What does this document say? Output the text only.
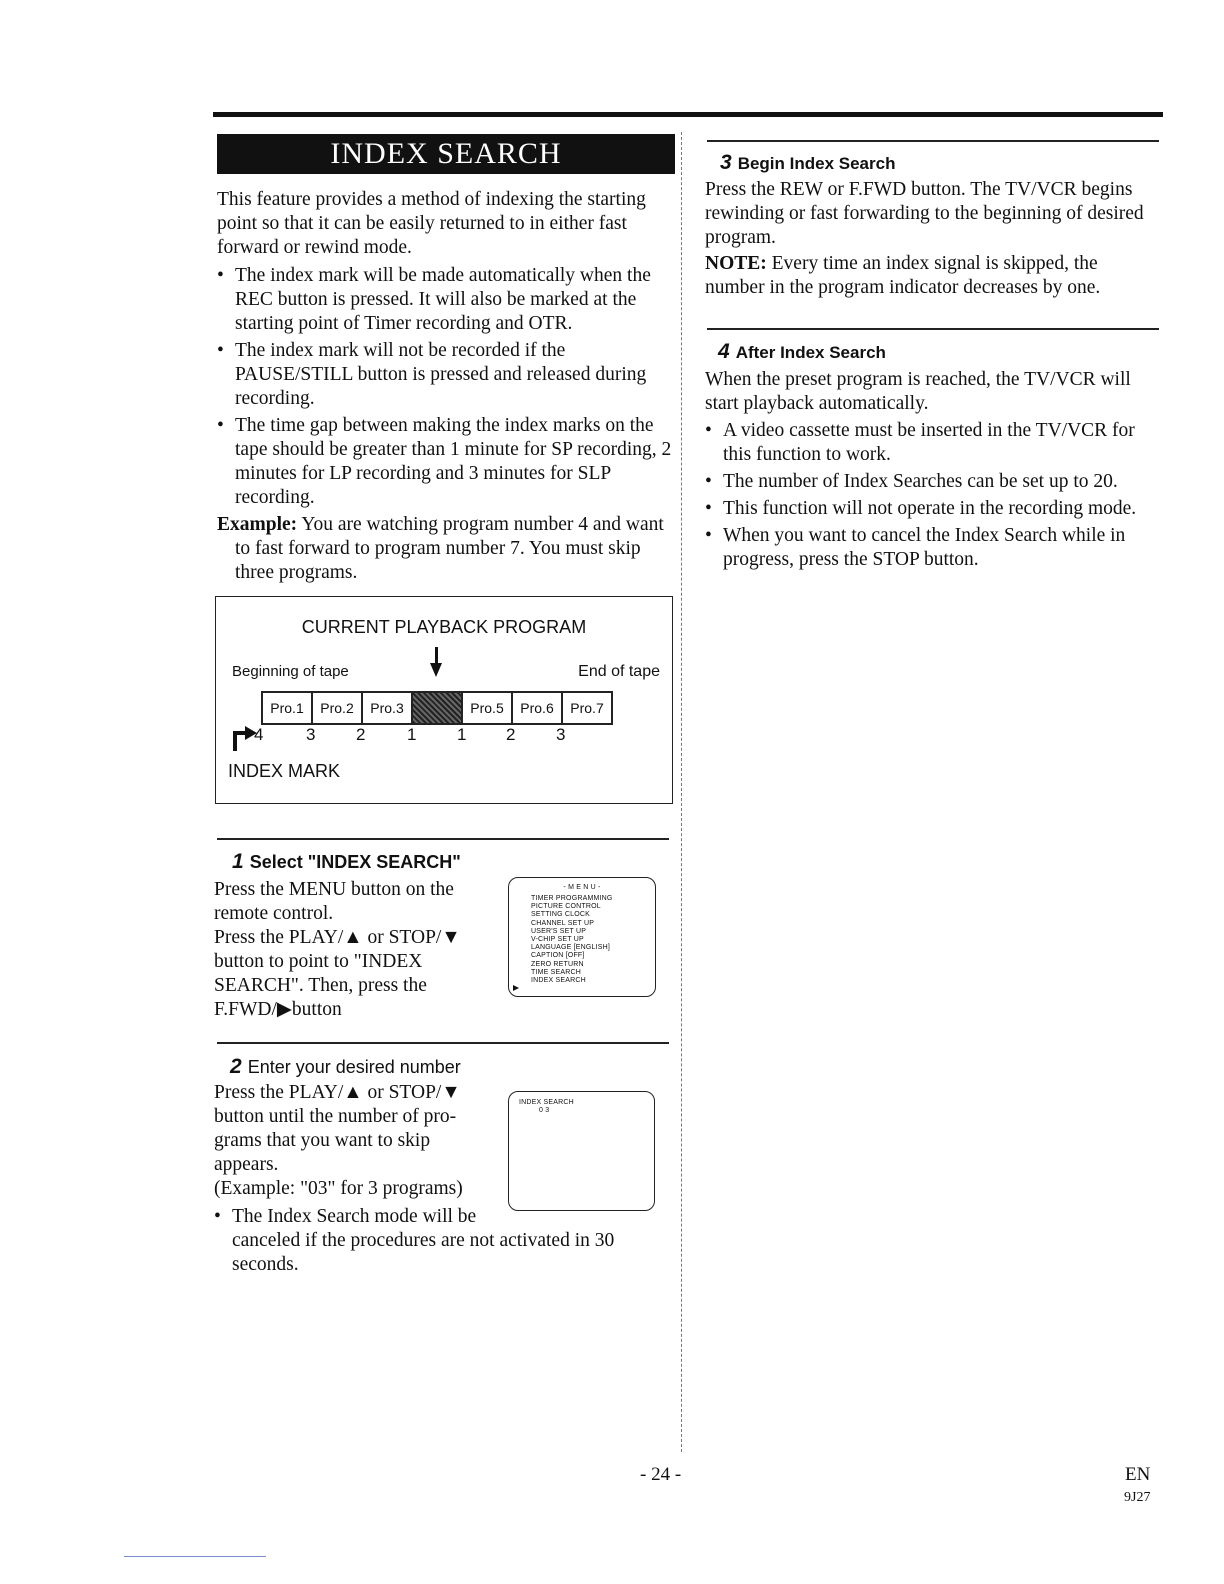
INDEX SEARCH
This feature provides a method of indexing the starting point so that it can be easily returned to in either fast forward or rewind mode.
• The index mark will be made automatically when the REC button is pressed. It will also be marked at the starting point of Timer recording and OTR.
• The index mark will not be recorded if the PAUSE/STILL button is pressed and released during recording.
• The time gap between making the index marks on the tape should be greater than 1 minute for SP recording, 2 minutes for LP recording and 3 minutes for SLP recording.
Example: You are watching program number 4 and want to fast forward to program number 7. You must skip three programs.
CURRENT PLAYBACK PROGRAM
Beginning of tape	End of tape
Pro.1	Pro.2	Pro.3	Pro.5	Pro.6	Pro.7
4	3 2 1 1 2 3
INDEX MARK
1 Select "INDEX SEARCH"
Press the MENU button on the
remote control.
Press the PLAY/▲ or STOP/▼
button to point to "INDEX
SEARCH". Then, press the
F.FWD/▶button
- M E N U -
TIMER PROGRAMMING
PICTURE CONTROL
SETTING CLOCK
CHANNEL SET UP
USER'S SET UP
V-CHIP SET UP
LANGUAGE [ENGLISH]
CAPTION [OFF]
ZERO RETURN
TIME SEARCH
INDEX SEARCH
2 Enter your desired number
Press the PLAY/▲ or STOP/▼
button until the number of pro-
grams that you want to skip
appears.
(Example: "03" for 3 programs)
INDEX SEARCH
0 3
• The Index Search mode will be
canceled if the procedures are not activated in 30 seconds.
3 Begin Index Search
Press the REW or F.FWD button. The TV/VCR begins rewinding or fast forwarding to the beginning of desired program.
NOTE: Every time an index signal is skipped, the number in the program indicator decreases by one.
4 After Index Search
When the preset program is reached, the TV/VCR will start playback automatically.
• A video cassette must be inserted in the TV/VCR for this function to work.
• The number of Index Searches can be set up to 20.
• This function will not operate in the recording mode.
• When you want to cancel the Index Search while in progress, press the STOP button.
- 24 -	EN
9J27
